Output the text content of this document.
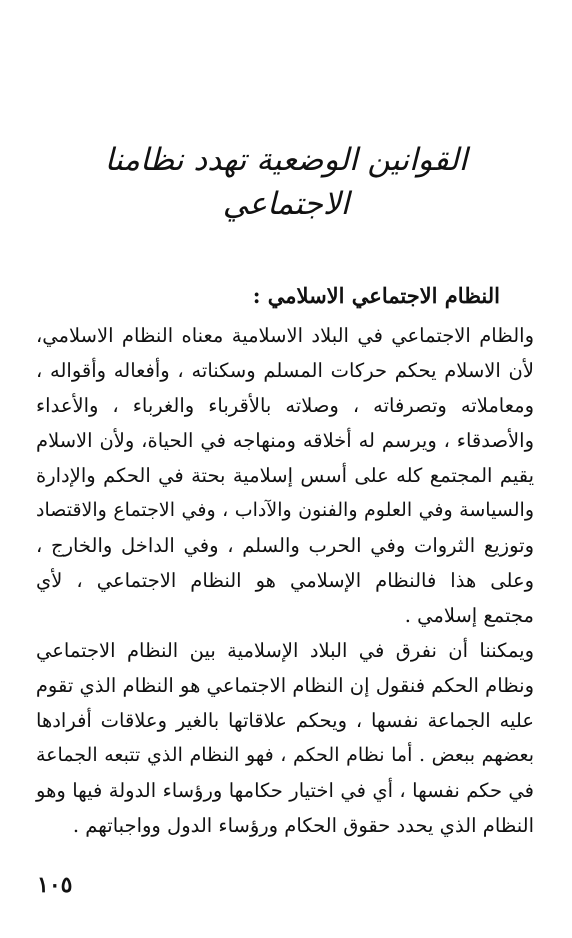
القوانين الوضعية تهدد نظامنا الاجتماعي
النظام الاجتماعي الاسلامي :
والظام الاجتماعي في البلاد الاسلامية معناه النظام الاسلامي،
لأن الاسلام يحكم حركات المسلم وسكناته ، وأفعاله وأقواله ،
ومعاملاته وتصرفاته ، وصلاته بالأقرباء والغرباء ، والأعداء
والأصدقاء ، ويرسم له أخلاقه ومنهاجه في الحياة، ولأن الاسلام
يقيم المجتمع كله على أسس إسلامية بحتة في الحكم والإدارة
والسياسة وفي العلوم والفنون والآداب ، وفي الاجتماع والاقتصاد
وتوزيع الثروات وفي الحرب والسلم ، وفي الداخل والخارج ،
وعلى هذا فالنظام الإسلامي هو النظام الاجتماعي ، لأي
مجتمع إسلامي .
ويمكننا أن نفرق في البلاد الإسلامية بين النظام الاجتماعي
ونظام الحكم فنقول إن النظام الاجتماعي هو النظام الذي تقوم
عليه الجماعة نفسها ، ويحكم علاقاتها بالغير وعلاقات أفرادها
بعضهم ببعض . أما نظام الحكم ، فهو النظام الذي تتبعه الجماعة
في حكم نفسها ، أي في اختيار حكامها ورؤساء الدولة فيها وهو
النظام الذي يحدد حقوق الحكام ورؤساء الدول وواجباتهم .
١٠٥
